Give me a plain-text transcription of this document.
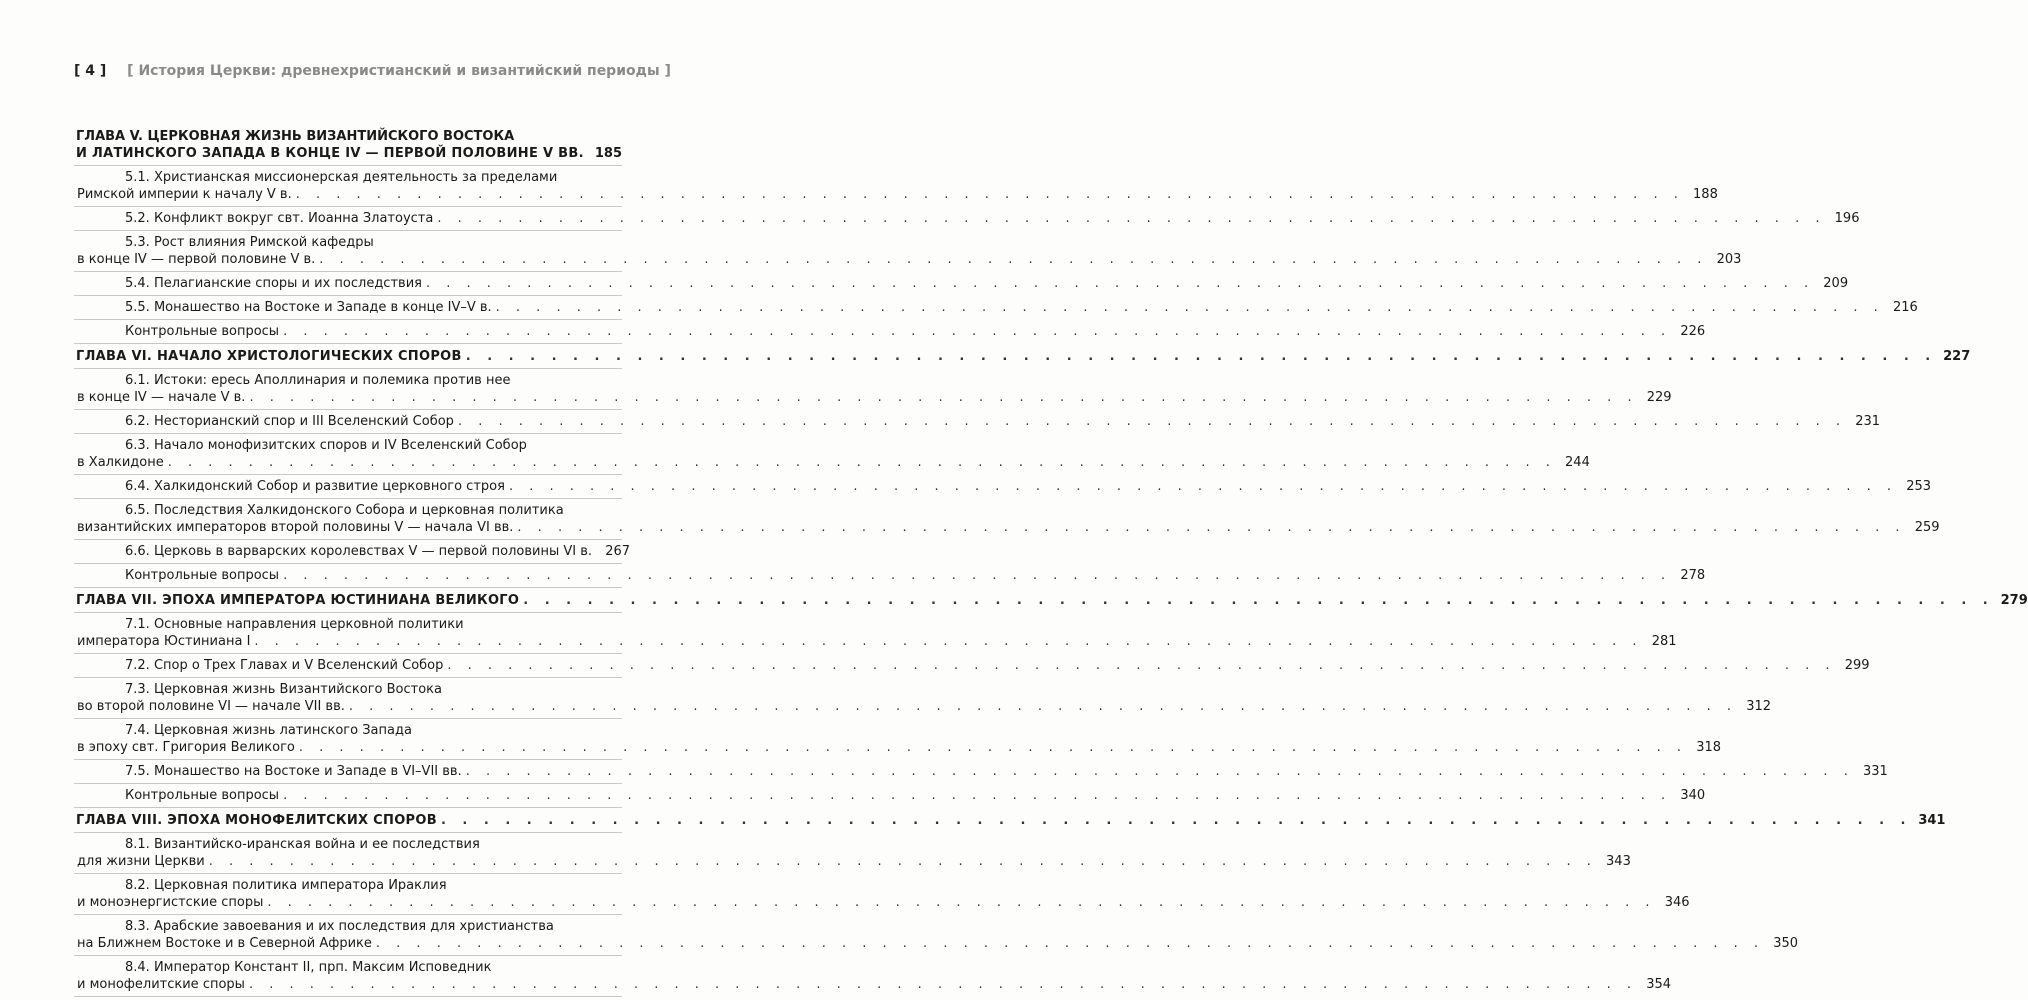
[ 4 ] [ История Церкви: древнехристианский и византийский периоды ]
ГЛАВА V. ЦЕРКОВНАЯ ЖИЗНЬ ВИЗАНТИЙСКОГО ВОСТОКА
И ЛАТИНСКОГО ЗАПАДА В КОНЦЕ IV — ПЕРВОЙ ПОЛОВИНЕ V ВВ. 185
5.1. Христианская миссионерская деятельность за пределами
Римской империи к началу V в. . . . . . . . . . . . . . . . . . . . . . . . . . . . . . . . . . . . . . . . . . . . . . . . . . . . . . . . . . . . . . . . . . . . . . 188
5.2. Конфликт вокруг свт. Иоанна Златоуста . . . . . . . . . . . . . . . . . . . . . . . . . . . . . . . . . . . . . . . . . . . . . . . . . . . . . . . . . . . . . . . . . . . . . 196
5.3. Рост влияния Римской кафедры
в конце IV — первой половине V в. . . . . . . . . . . . . . . . . . . . . . . . . . . . . . . . . . . . . . . . . . . . . . . . . . . . . . . . . . . . . . . . . . . . . . 203
5.4. Пелагианские споры и их последствия . . . . . . . . . . . . . . . . . . . . . . . . . . . . . . . . . . . . . . . . . . . . . . . . . . . . . . . . . . . . . . . . . . . . . 209
5.5. Монашество на Востоке и Западе в конце IV–V в. . . . . . . . . . . . . . . . . . . . . . . . . . . . . . . . . . . . . . . . . . . . . . . . . . . . . . . . . . . . . . . . . . . . . . 216
Контрольные вопросы . . . . . . . . . . . . . . . . . . . . . . . . . . . . . . . . . . . . . . . . . . . . . . . . . . . . . . . . . . . . . . . . . . . . . 226
ГЛАВА VI. НАЧАЛО ХРИСТОЛОГИЧЕСКИХ СПОРОВ . . . . . . . . . . . . . . . . . . . . . . . . . . . . . . . . . . . . . . . . . . . . . . . . . . . . . . . . . . . . . . . . . . . . . 227
6.1. Истоки: ересь Аполлинария и полемика против нее
в конце IV — начале V в. . . . . . . . . . . . . . . . . . . . . . . . . . . . . . . . . . . . . . . . . . . . . . . . . . . . . . . . . . . . . . . . . . . . . . 229
6.2. Несторианский спор и III Вселенский Собор . . . . . . . . . . . . . . . . . . . . . . . . . . . . . . . . . . . . . . . . . . . . . . . . . . . . . . . . . . . . . . . . . . . . . 231
6.3. Начало монофизитских споров и IV Вселенский Собор
в Халкидоне . . . . . . . . . . . . . . . . . . . . . . . . . . . . . . . . . . . . . . . . . . . . . . . . . . . . . . . . . . . . . . . . . . . . . 244
6.4. Халкидонский Собор и развитие церковного строя . . . . . . . . . . . . . . . . . . . . . . . . . . . . . . . . . . . . . . . . . . . . . . . . . . . . . . . . . . . . . . . . . . . . . 253
6.5. Последствия Халкидонского Собора и церковная политика
византийских императоров второй половины V — начала VI вв. . . . . . . . . . . . . . . . . . . . . . . . . . . . . . . . . . . . . . . . . . . . . . . . . . . . . . . . . . . . . . . . . . . . . . 259
6.6. Церковь в варварских королевствах V — первой половины VI в.	267
Контрольные вопросы . . . . . . . . . . . . . . . . . . . . . . . . . . . . . . . . . . . . . . . . . . . . . . . . . . . . . . . . . . . . . . . . . . . . . 278
ГЛАВА VII. ЭПОХА ИМПЕРАТОРА ЮСТИНИАНА ВЕЛИКОГО . . . . . . . . . . . . . . . . . . . . . . . . . . . . . . . . . . . . . . . . . . . . . . . . . . . . . . . . . . . . . . . . . . . . . 279
7.1. Основные направления церковной политики
императора Юстиниана I . . . . . . . . . . . . . . . . . . . . . . . . . . . . . . . . . . . . . . . . . . . . . . . . . . . . . . . . . . . . . . . . . . . . . 281
7.2. Спор о Трех Главах и V Вселенский Собор . . . . . . . . . . . . . . . . . . . . . . . . . . . . . . . . . . . . . . . . . . . . . . . . . . . . . . . . . . . . . . . . . . . . . 299
7.3. Церковная жизнь Византийского Востока
во второй половине VI — начале VII вв. . . . . . . . . . . . . . . . . . . . . . . . . . . . . . . . . . . . . . . . . . . . . . . . . . . . . . . . . . . . . . . . . . . . . . 312
7.4. Церковная жизнь латинского Запада
в эпоху свт. Григория Великого . . . . . . . . . . . . . . . . . . . . . . . . . . . . . . . . . . . . . . . . . . . . . . . . . . . . . . . . . . . . . . . . . . . . . 318
7.5. Монашество на Востоке и Западе в VI–VII вв. . . . . . . . . . . . . . . . . . . . . . . . . . . . . . . . . . . . . . . . . . . . . . . . . . . . . . . . . . . . . . . . . . . . . . 331
Контрольные вопросы . . . . . . . . . . . . . . . . . . . . . . . . . . . . . . . . . . . . . . . . . . . . . . . . . . . . . . . . . . . . . . . . . . . . . 340
ГЛАВА VIII. ЭПОХА МОНОФЕЛИТСКИХ СПОРОВ . . . . . . . . . . . . . . . . . . . . . . . . . . . . . . . . . . . . . . . . . . . . . . . . . . . . . . . . . . . . . . . . . . . . . 341
8.1. Византийско-иранская война и ее последствия
для жизни Церкви . . . . . . . . . . . . . . . . . . . . . . . . . . . . . . . . . . . . . . . . . . . . . . . . . . . . . . . . . . . . . . . . . . . . . 343
8.2. Церковная политика императора Ираклия
и моноэнергистские споры . . . . . . . . . . . . . . . . . . . . . . . . . . . . . . . . . . . . . . . . . . . . . . . . . . . . . . . . . . . . . . . . . . . . . 346
8.3. Арабские завоевания и их последствия для христианства
на Ближнем Востоке и в Северной Африке . . . . . . . . . . . . . . . . . . . . . . . . . . . . . . . . . . . . . . . . . . . . . . . . . . . . . . . . . . . . . . . . . . . . . 350
8.4. Император Констант II, прп. Максим Исповедник
и монофелитские споры . . . . . . . . . . . . . . . . . . . . . . . . . . . . . . . . . . . . . . . . . . . . . . . . . . . . . . . . . . . . . . . . . . . . . 354
